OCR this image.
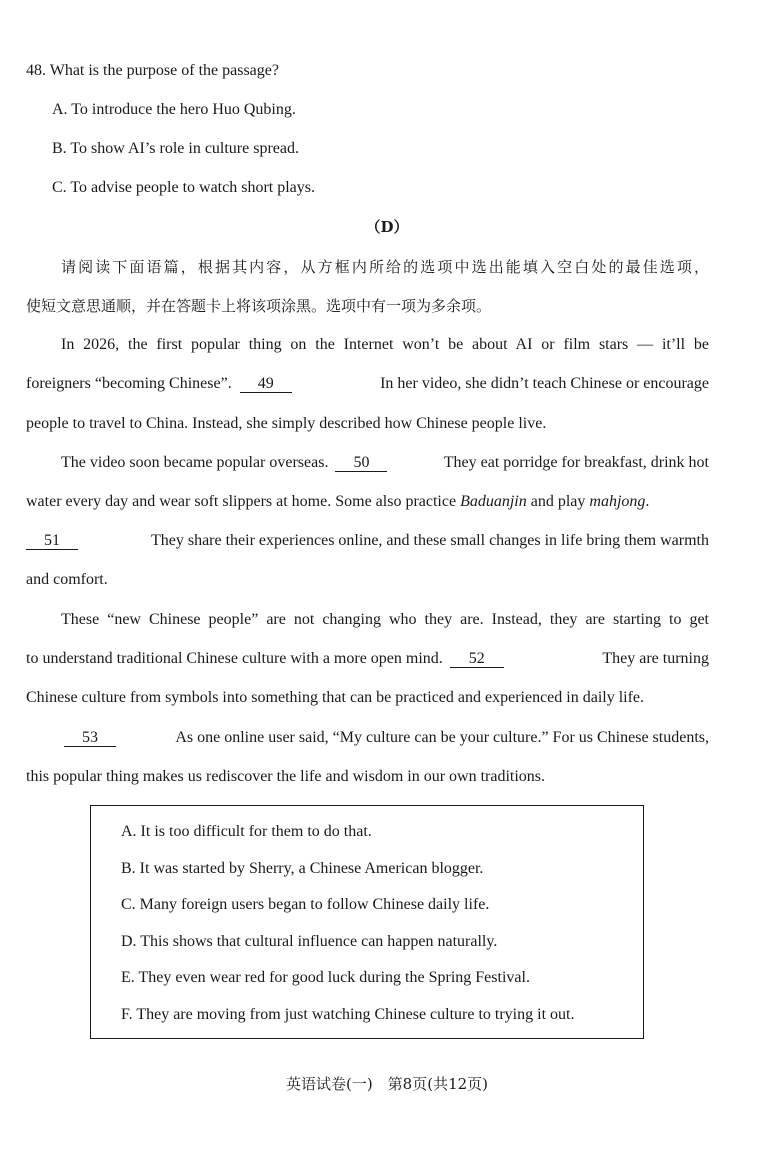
48. What is the purpose of the passage?
A. To introduce the hero Huo Qubing.
B. To show AI’s role in culture spread.
C. To advise people to watch short plays.
（D）
请阅读下面语篇，根据其内容，从方框内所给的选项中选出能填入空白处的最佳选项，
使短文意思通顺，并在答题卡上将该项涂黑。选项中有一项为多余项。
In 2026, the first popular thing on the Internet won’t be about AI or film stars — it’ll be
foreigners “becoming Chinese”. 49	In her video, she didn’t teach Chinese or encourage
people to travel to China. Instead, she simply described how Chinese people live.
The video soon became popular overseas. 50	They eat porridge for breakfast, drink hot
water every day and wear soft slippers at home. Some also practice Baduanjin and play mahjong.
51	They share their experiences online, and these small changes in life bring them warmth
and comfort.
These “new Chinese people” are not changing who they are. Instead, they are starting to get
to understand traditional Chinese culture with a more open mind. 52	They are turning
Chinese culture from symbols into something that can be practiced and experienced in daily life.
53	As one online user said, “My culture can be your culture.” For us Chinese students,
this popular thing makes us rediscover the life and wisdom in our own traditions.
A. It is too difficult for them to do that.
B. It was started by Sherry, a Chinese American blogger.
C. Many foreign users began to follow Chinese daily life.
D. This shows that cultural influence can happen naturally.
E. They even wear red for good luck during the Spring Festival.
F. They are moving from just watching Chinese culture to trying it out.
英语试卷(一)　第8页(共12页)
